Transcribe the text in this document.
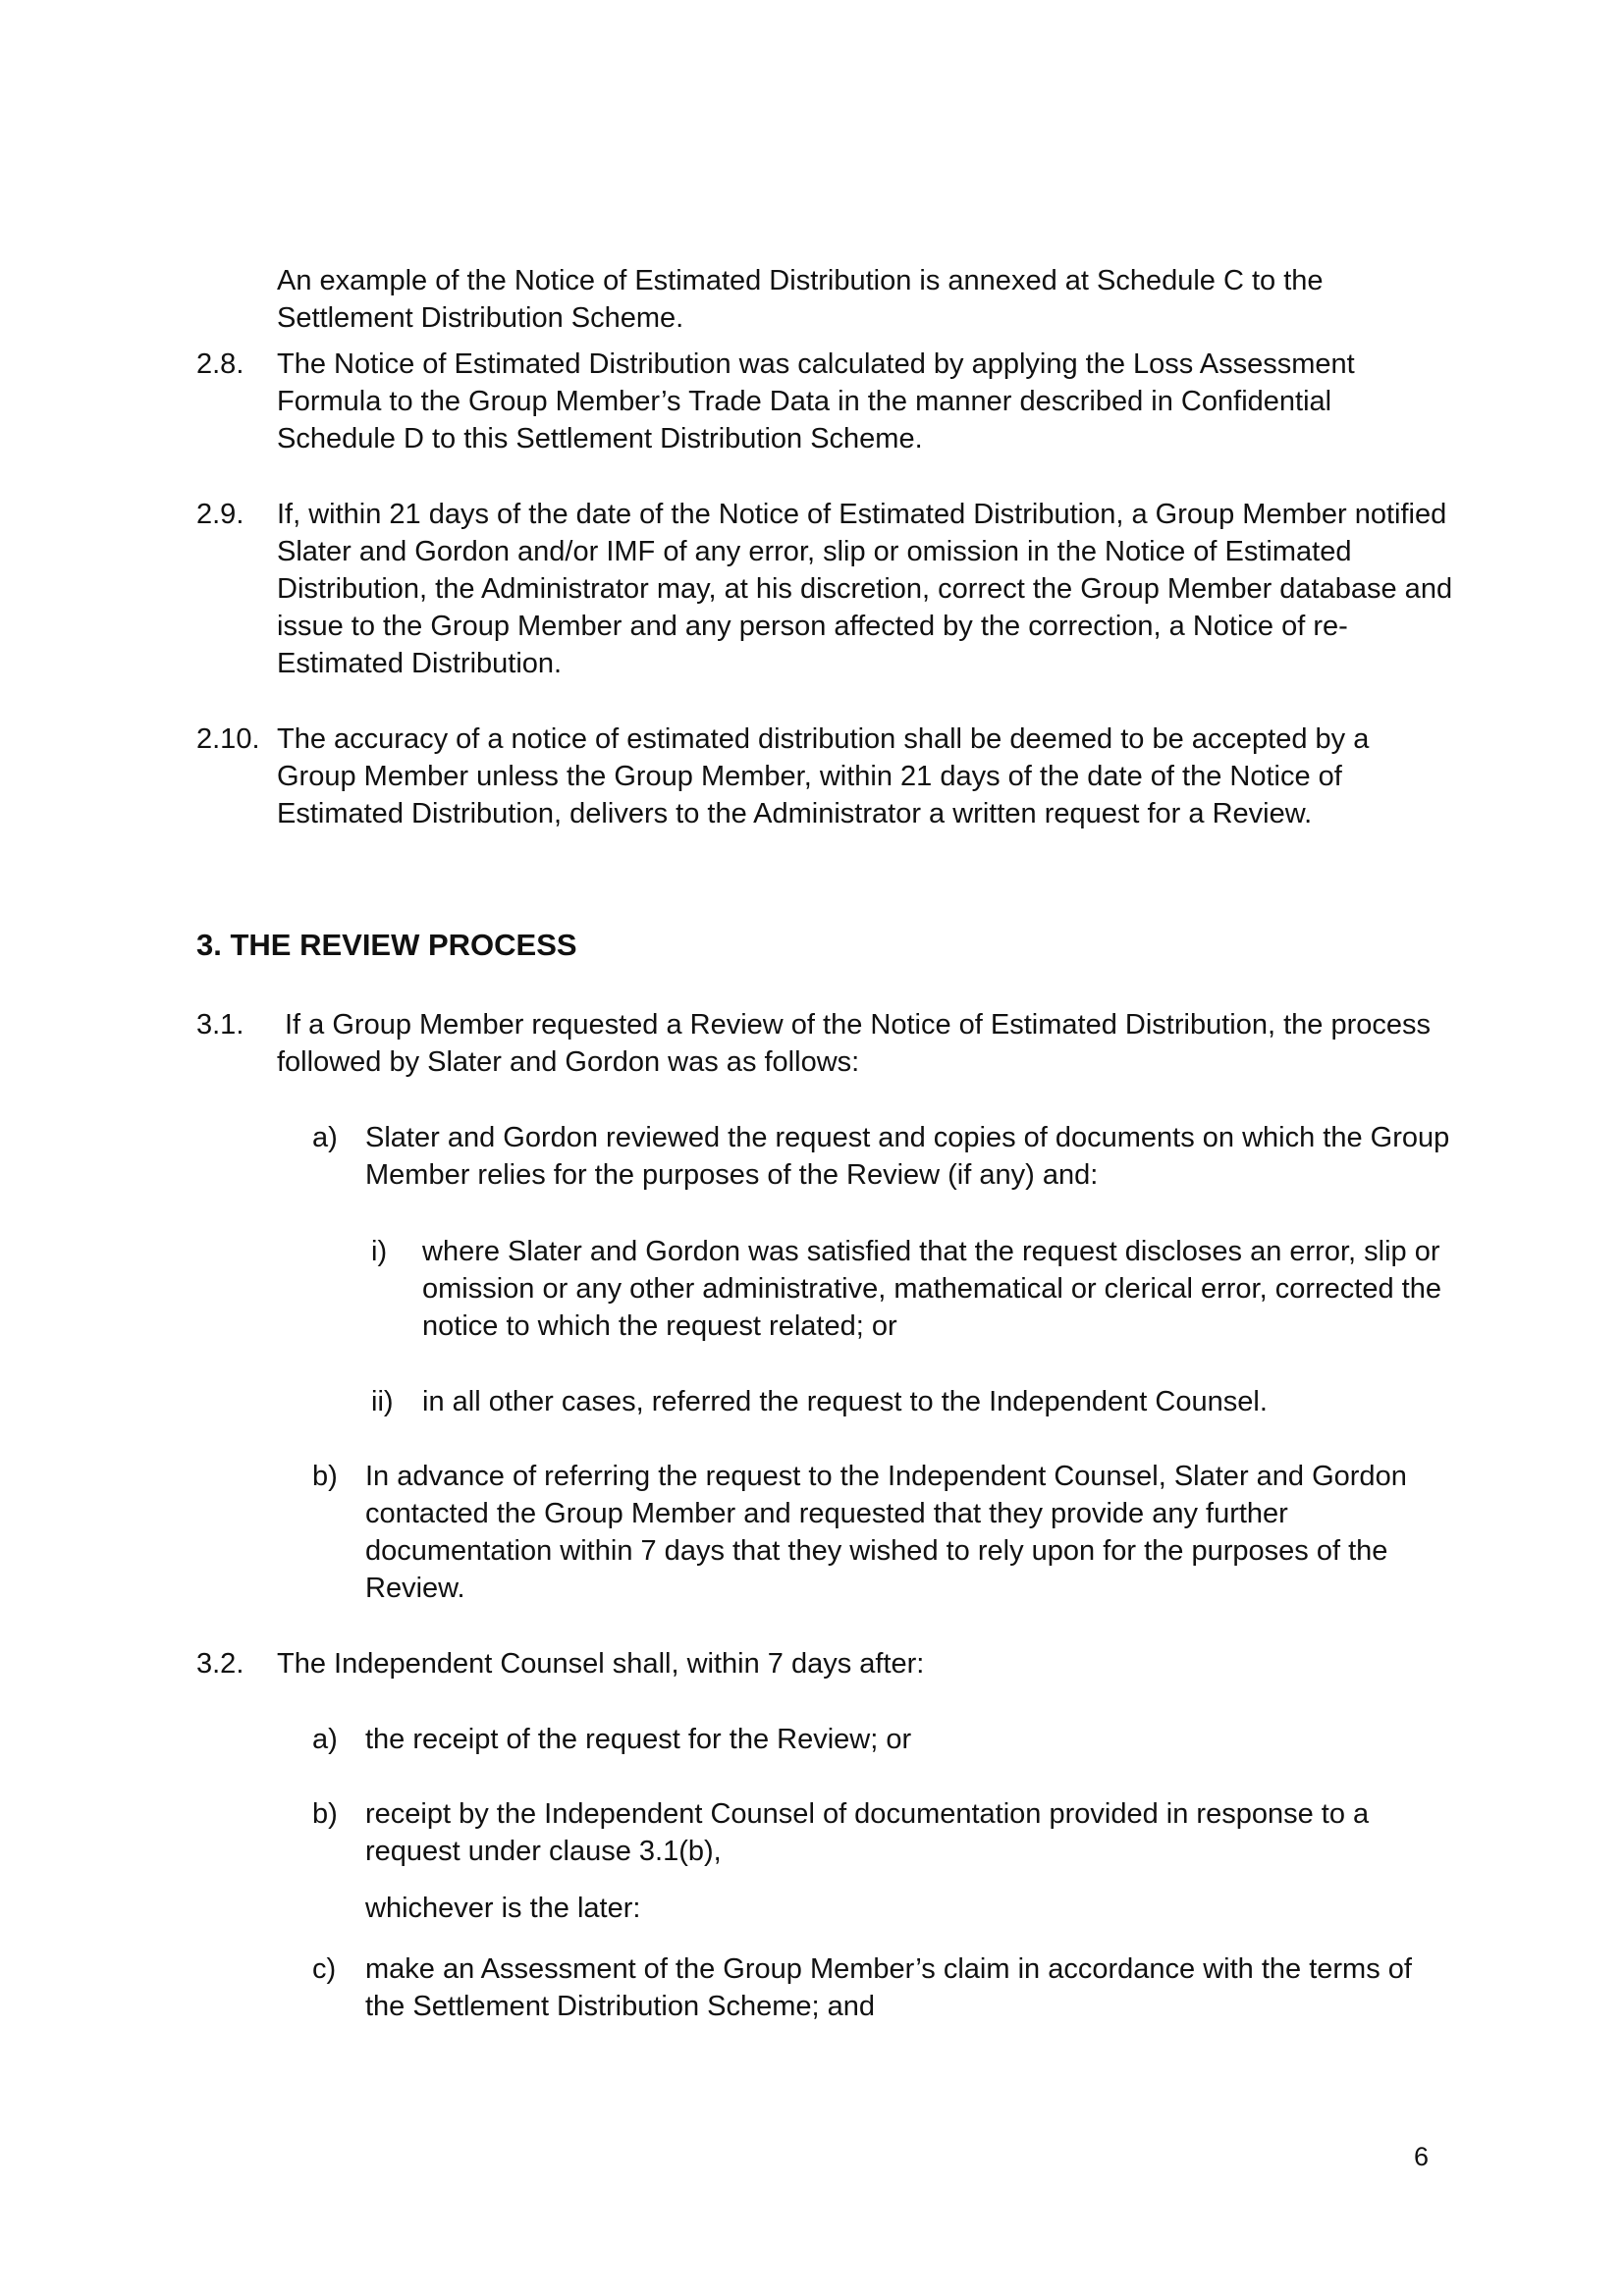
An example of the Notice of Estimated Distribution is annexed at Schedule C to the Settlement Distribution Scheme.

2.8. The Notice of Estimated Distribution was calculated by applying the Loss Assessment Formula to the Group Member’s Trade Data in the manner described in Confidential Schedule D to this Settlement Distribution Scheme.

2.9. If, within 21 days of the date of the Notice of Estimated Distribution, a Group Member notified Slater and Gordon and/or IMF of any error, slip or omission in the Notice of Estimated Distribution, the Administrator may, at his discretion, correct the Group Member database and issue to the Group Member and any person affected by the correction, a Notice of re-Estimated Distribution.

2.10. The accuracy of a notice of estimated distribution shall be deemed to be accepted by a Group Member unless the Group Member, within 21 days of the date of the Notice of Estimated Distribution, delivers to the Administrator a written request for a Review.

3. THE REVIEW PROCESS
3.1. If a Group Member requested a Review of the Notice of Estimated Distribution, the process followed by Slater and Gordon was as follows:

a) Slater and Gordon reviewed the request and copies of documents on which the Group Member relies for the purposes of the Review (if any) and:

i) where Slater and Gordon was satisfied that the request discloses an error, slip or omission or any other administrative, mathematical or clerical error, corrected the notice to which the request related; or

ii) in all other cases, referred the request to the Independent Counsel.

b) In advance of referring the request to the Independent Counsel, Slater and Gordon contacted the Group Member and requested that they provide any further documentation within 7 days that they wished to rely upon for the purposes of the Review.

3.2. The Independent Counsel shall, within 7 days after:

a) the receipt of the request for the Review; or

b) receipt by the Independent Counsel of documentation provided in response to a request under clause 3.1(b),

whichever is the later:

c) make an Assessment of the Group Member’s claim in accordance with the terms of the Settlement Distribution Scheme; and

6
